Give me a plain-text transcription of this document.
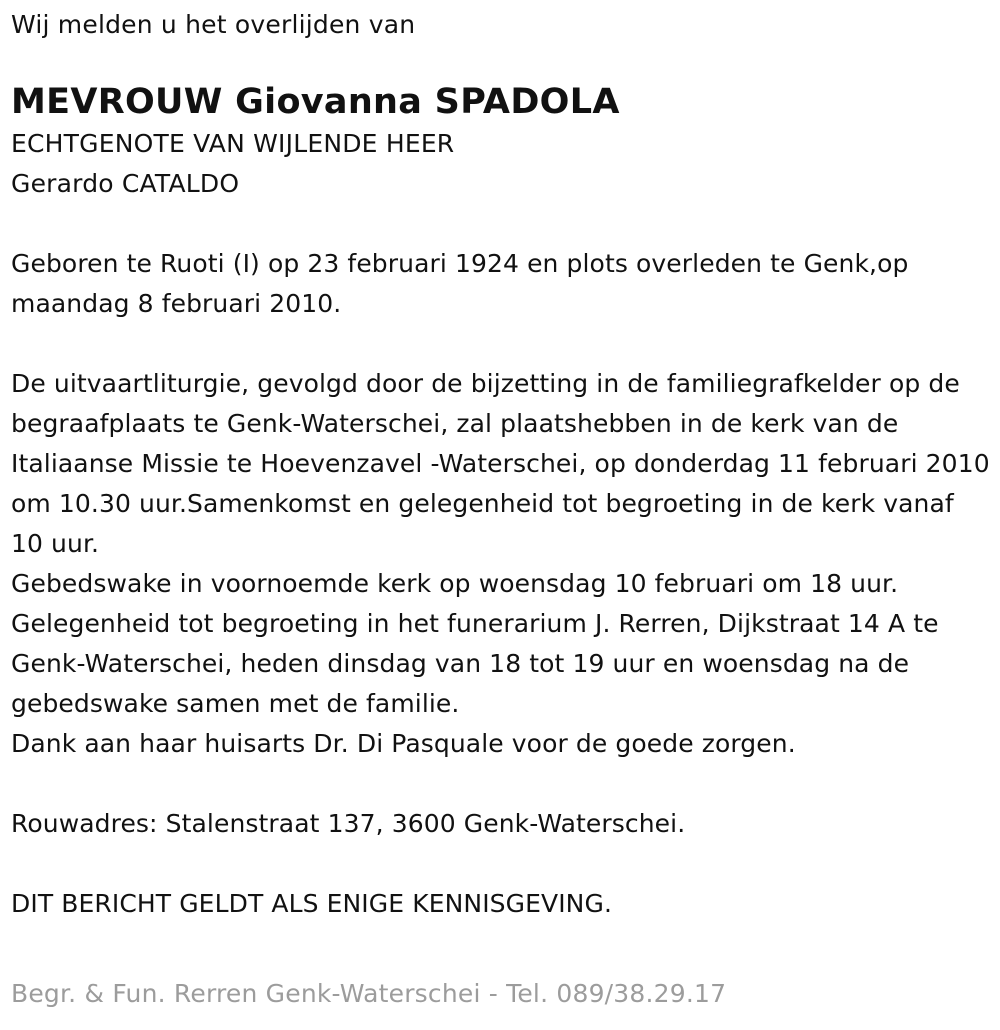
Wij melden u het overlijden van

MEVROUW Giovanna SPADOLA

ECHTGENOTE VAN WIJLENDE HEER

Gerardo CATALDO

Geboren te Ruoti (I) op 23 februari 1924 en plots overleden te Genk,op maandag 8 februari 2010.

De uitvaartliturgie, gevolgd door de bijzetting in de familiegrafkelder op de begraafplaats te Genk-Waterschei, zal plaatshebben in de kerk van de Italiaanse Missie te Hoevenzavel -Waterschei, op donderdag 11 februari 2010 om 10.30 uur.Samenkomst en gelegenheid tot begroeting in de kerk vanaf 10 uur.

Gebedswake in voornoemde kerk op woensdag 10 februari om 18 uur.

Gelegenheid tot begroeting in het funerarium J. Rerren, Dijkstraat 14 A te Genk-Waterschei, heden dinsdag van 18 tot 19 uur en woensdag na de gebedswake samen met de familie.

Dank aan haar huisarts Dr. Di Pasquale voor de goede zorgen.

Rouwadres: Stalenstraat 137, 3600 Genk-Waterschei.

DIT BERICHT GELDT ALS ENIGE KENNISGEVING.

Begr. & Fun. Rerren Genk-Waterschei - Tel. 089/38.29.17
